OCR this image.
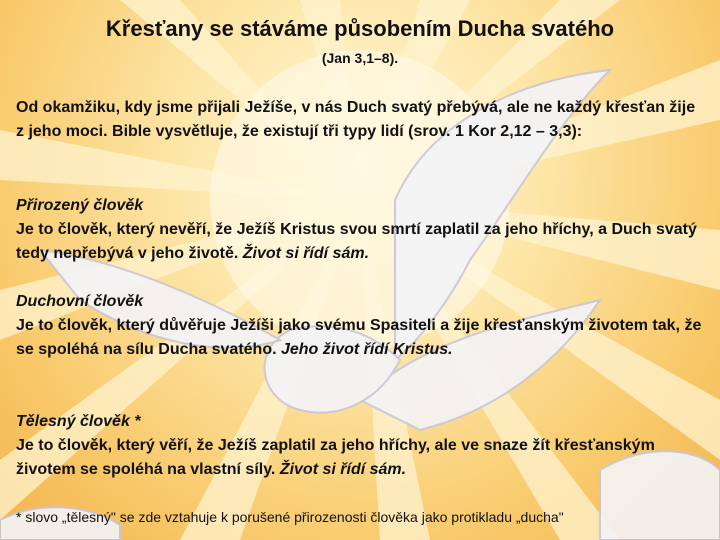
Křesťany se stáváme působením Ducha svatého
(Jan 3,1–8).
Od okamžiku, kdy jsme přijali Ježíše, v nás Duch svatý přebývá, ale ne každý křesťan žije z jeho moci. Bible vysvětluje, že existují tři typy lidí (srov. 1 Kor 2,12 – 3,3):
Přirozený člověk
Je to člověk, který nevěří, že Ježíš Kristus svou smrtí zaplatil za jeho hříchy, a Duch svatý tedy nepřebývá v jeho životě. Život si řídí sám.
Duchovní člověk
Je to člověk, který důvěřuje Ježíši jako svému Spasiteli a žije křesťanským životem tak, že se spoléhá na sílu Ducha svatého. Jeho život řídí Kristus.
Tělesný člověk *
Je to člověk, který věří, že Ježíš zaplatil za jeho hříchy, ale ve snaze žít křesťanským životem se spoléhá na vlastní síly. Život si řídí sám.
* slovo „tělesný" se zde vztahuje k porušené přirozenosti člověka jako protikladu „ducha"
